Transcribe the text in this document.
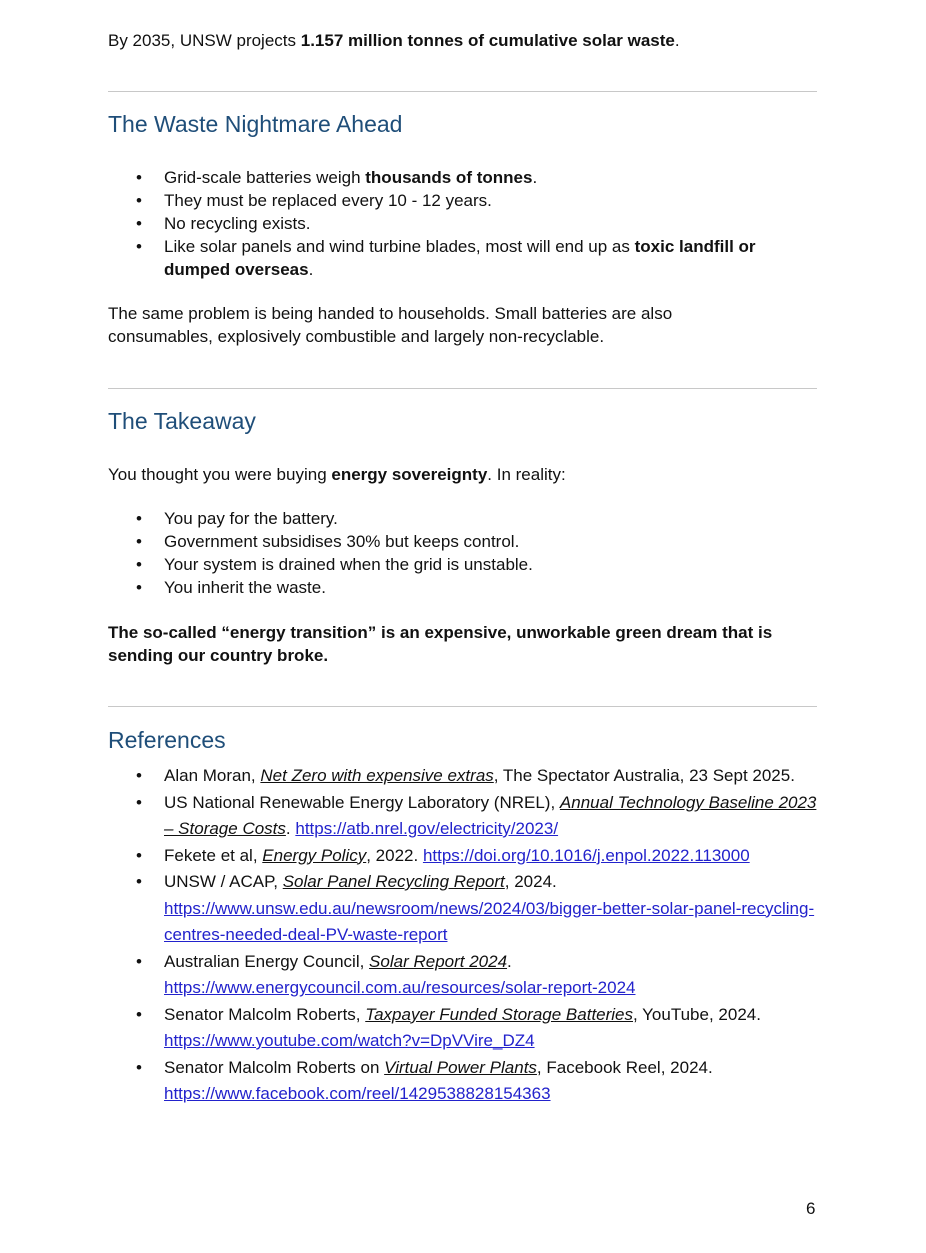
By 2035, UNSW projects 1.157 million tonnes of cumulative solar waste.

The Waste Nightmare Ahead
• Grid-scale batteries weigh thousands of tonnes.
• They must be replaced every 10 - 12 years.
• No recycling exists.
• Like solar panels and wind turbine blades, most will end up as toxic landfill or dumped overseas.

The same problem is being handed to households. Small batteries are also consumables, explosively combustible and largely non-recyclable.

The Takeaway

You thought you were buying energy sovereignty. In reality:

• You pay for the battery.
• Government subsidises 30% but keeps control.
• Your system is drained when the grid is unstable.
• You inherit the waste.

The so-called “energy transition” is an expensive, unworkable green dream that is sending our country broke.

References
• Alan Moran, Net Zero with expensive extras, The Spectator Australia, 23 Sept 2025.
• US National Renewable Energy Laboratory (NREL), Annual Technology Baseline 2023 – Storage Costs. https://atb.nrel.gov/electricity/2023/
• Fekete et al, Energy Policy, 2022. https://doi.org/10.1016/j.enpol.2022.113000
• UNSW / ACAP, Solar Panel Recycling Report, 2024.
https://www.unsw.edu.au/newsroom/news/2024/03/bigger-better-solar-panel-recycling-centres-needed-deal-PV-waste-report
• Australian Energy Council, Solar Report 2024.
https://www.energycouncil.com.au/resources/solar-report-2024
• Senator Malcolm Roberts, Taxpayer Funded Storage Batteries, YouTube, 2024.
https://www.youtube.com/watch?v=DpVVire_DZ4
• Senator Malcolm Roberts on Virtual Power Plants, Facebook Reel, 2024.
https://www.facebook.com/reel/1429538828154363
6
